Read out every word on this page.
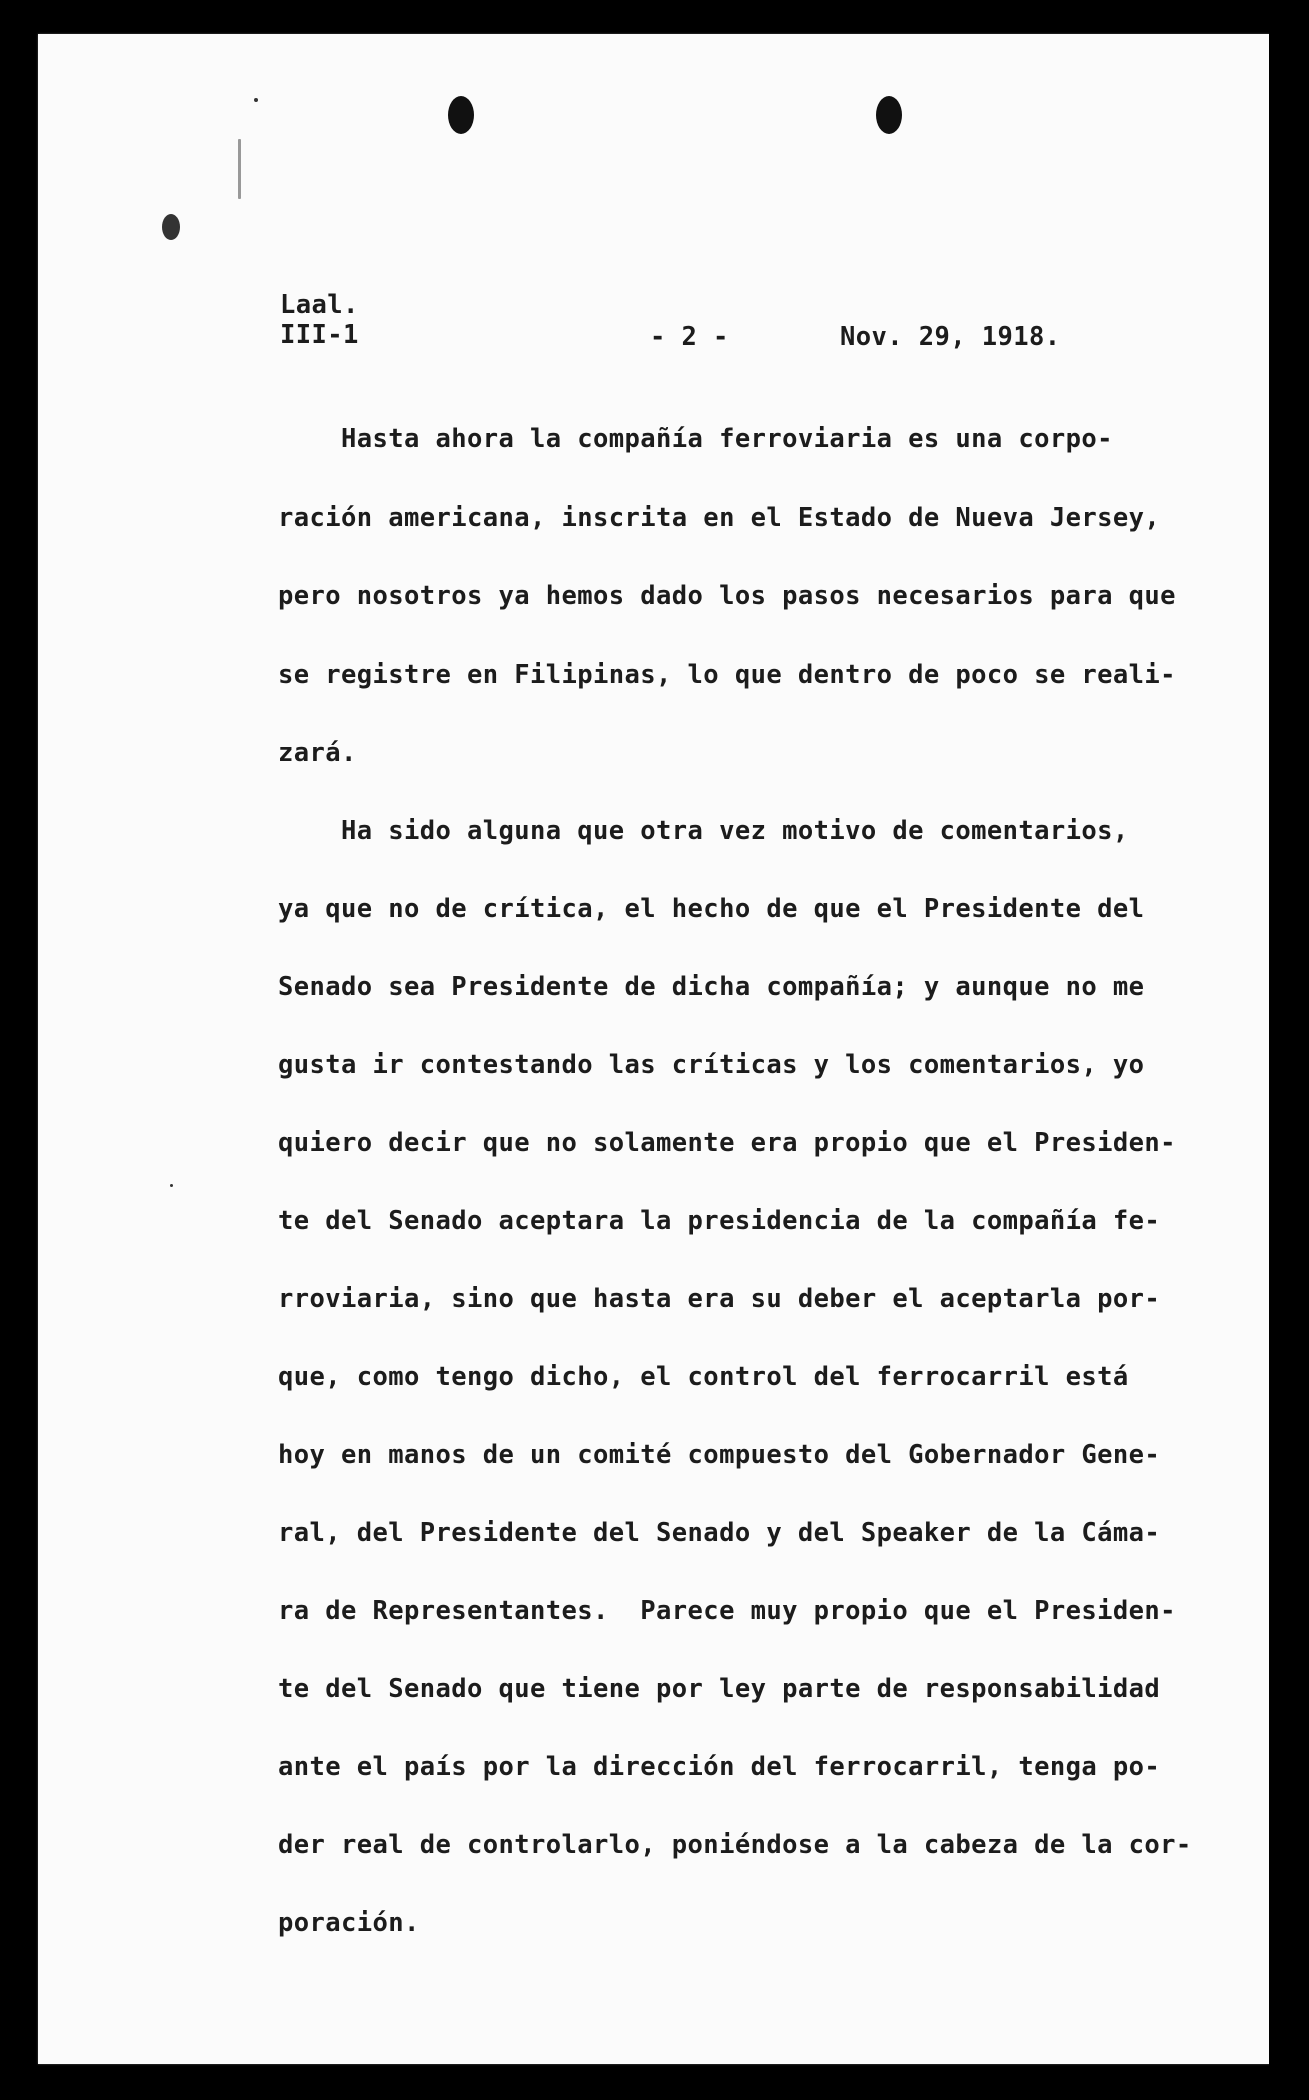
Laal.
III-1	- 2 -	Nov. 29, 1918.
Hasta ahora la compañía ferroviaria es una corpo-
ración americana, inscrita en el Estado de Nueva Jersey,
pero nosotros ya hemos dado los pasos necesarios para que
se registre en Filipinas, lo que dentro de poco se reali-
zará.
Ha sido alguna que otra vez motivo de comentarios,
ya que no de crítica, el hecho de que el Presidente del
Senado sea Presidente de dicha compañía; y aunque no me
gusta ir contestando las críticas y los comentarios, yo
quiero decir que no solamente era propio que el Presiden-
te del Senado aceptara la presidencia de la compañía fe-
rroviaria, sino que hasta era su deber el aceptarla por-
que, como tengo dicho, el control del ferrocarril está
hoy en manos de un comité compuesto del Gobernador Gene-
ral, del Presidente del Senado y del Speaker de la Cáma-
ra de Representantes.  Parece muy propio que el Presiden-
te del Senado que tiene por ley parte de responsabilidad
ante el país por la dirección del ferrocarril, tenga po-
der real de controlarlo, poniéndose a la cabeza de la cor-
poración.
